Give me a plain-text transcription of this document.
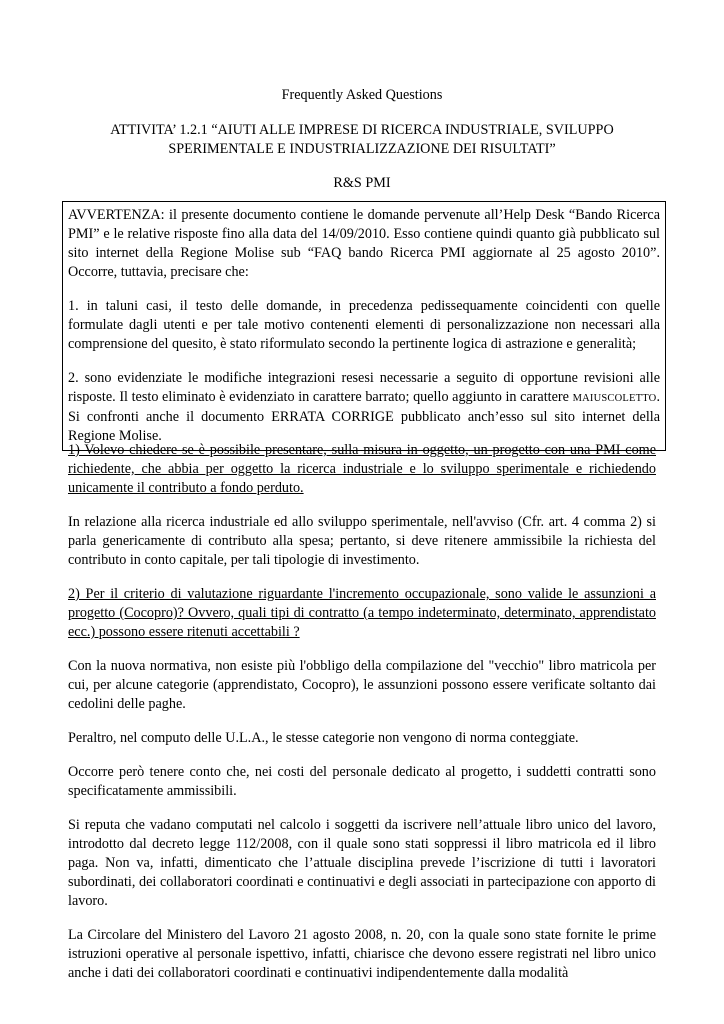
Frequently Asked Questions
ATTIVITA’ 1.2.1 “AIUTI ALLE IMPRESE DI RICERCA INDUSTRIALE, SVILUPPO SPERIMENTALE E INDUSTRIALIZZAZIONE DEI RISULTATI”
R&S PMI

AVVERTENZA: il presente documento contiene le domande pervenute all’Help Desk “Bando Ricerca PMI” e le relative risposte fino alla data del 14/09/2010. Esso contiene quindi quanto già pubblicato sul sito internet della Regione Molise sub “FAQ bando Ricerca PMI aggiornate al 25 agosto 2010”. Occorre, tuttavia, precisare che:

1. in taluni casi, il testo delle domande, in precedenza pedissequamente coincidenti con quelle formulate dagli utenti e per tale motivo contenenti elementi di personalizzazione non necessari alla comprensione del quesito, è stato riformulato secondo la pertinente logica di astrazione e generalità;

2. sono evidenziate le modifiche integrazioni resesi necessarie a seguito di opportune revisioni alle risposte. Il testo eliminato è evidenziato in carattere barrato; quello aggiunto in carattere MAIUSCOLETTO. Si confronti anche il documento ERRATA CORRIGE pubblicato anch’esso sul sito internet della Regione Molise.

1) Volevo chiedere se è possibile presentare, sulla misura in oggetto, un progetto con una PMI come richiedente, che abbia per oggetto la ricerca industriale e lo sviluppo sperimentale e richiedendo unicamente il contributo a fondo perduto.

In relazione alla ricerca industriale ed allo sviluppo sperimentale, nell'avviso (Cfr. art. 4 comma 2) si parla genericamente di contributo alla spesa; pertanto, si deve ritenere ammissibile la richiesta del contributo in conto capitale, per tali tipologie di investimento.

2) Per il criterio di valutazione riguardante l'incremento occupazionale, sono valide le assunzioni a progetto (Cocopro)? Ovvero, quali tipi di contratto (a tempo indeterminato, determinato, apprendistato ecc.) possono essere ritenuti accettabili ?

Con la nuova normativa, non esiste più l'obbligo della compilazione del "vecchio" libro matricola per cui, per alcune categorie (apprendistato, Cocopro), le assunzioni possono essere verificate soltanto dai cedolini delle paghe.

Peraltro, nel computo delle U.L.A., le stesse categorie non vengono di norma conteggiate.

Occorre però tenere conto che, nei costi del personale dedicato al progetto, i suddetti contratti sono specificatamente ammissibili.

Si reputa che vadano computati nel calcolo i soggetti da iscrivere nell’attuale libro unico del lavoro, introdotto dal decreto legge 112/2008, con il quale sono stati soppressi il libro matricola ed il libro paga. Non va, infatti, dimenticato che l’attuale disciplina prevede l’iscrizione di tutti i lavoratori subordinati, dei collaboratori coordinati e continuativi e degli associati in partecipazione con apporto di lavoro.

La Circolare del Ministero del Lavoro 21 agosto 2008, n. 20, con la quale sono state fornite le prime istruzioni operative al personale ispettivo, infatti, chiarisce che devono essere registrati nel libro unico anche i dati dei collaboratori coordinati e continuativi indipendentemente dalla modalità
